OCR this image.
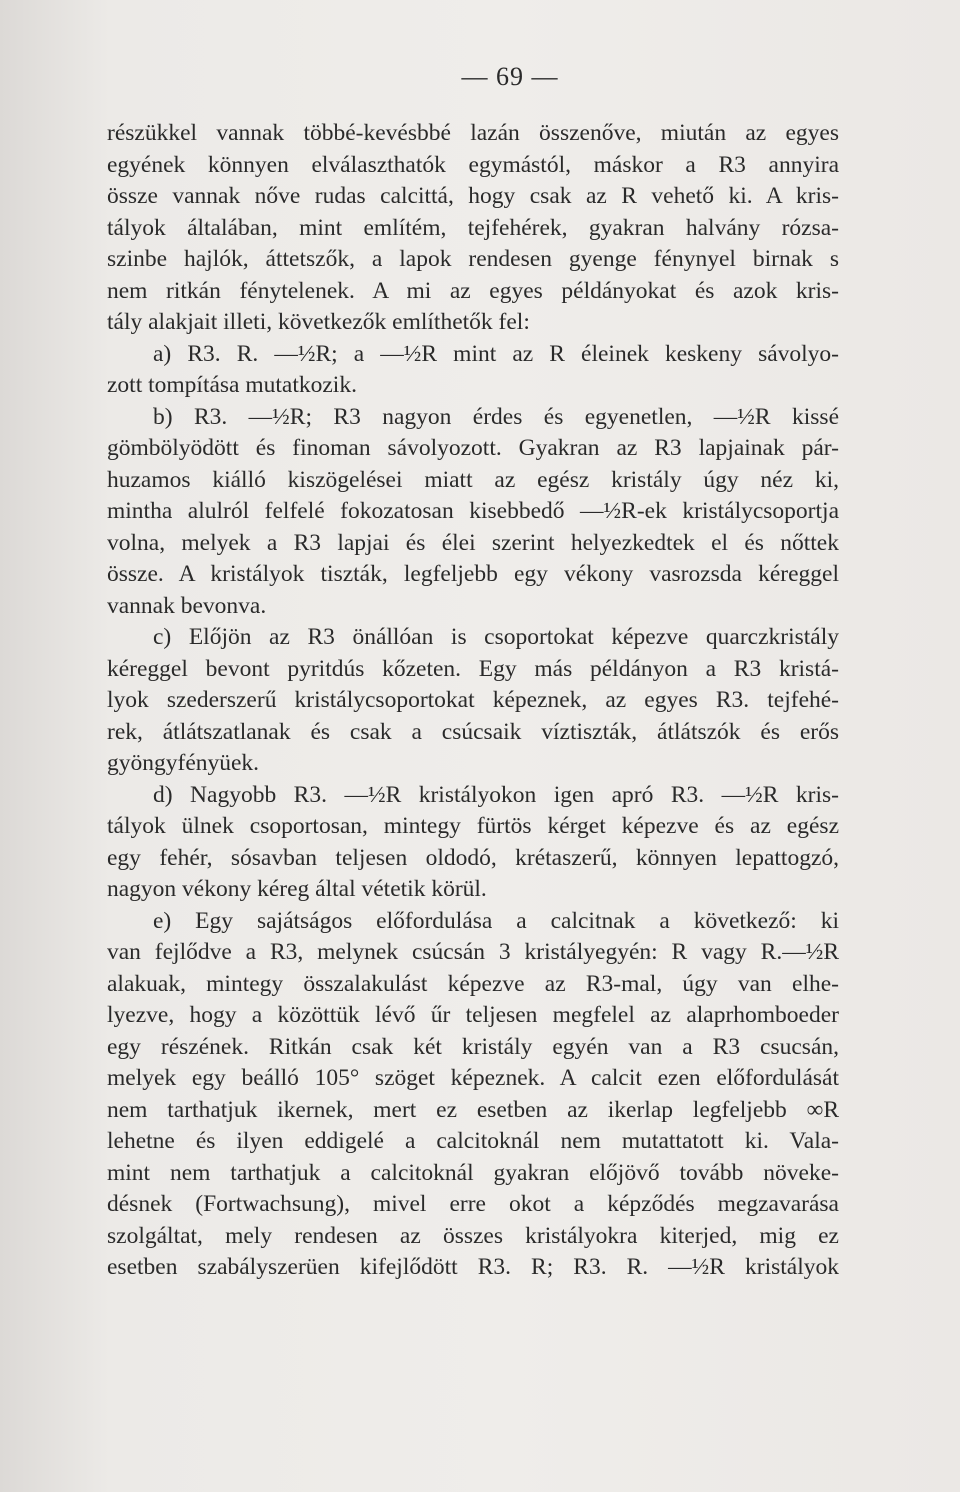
— 69 —
részükkel vannak többé-kevésbbé lazán összenőve, miután az egyes
egyének könnyen elválaszthatók egymástól, máskor a R3 annyira
össze vannak nőve rudas calcittá, hogy csak az R vehető ki. A kris-
tályok általában, mint említém, tejfehérek, gyakran halvány rózsa-
szinbe hajlók, áttetszők, a lapok rendesen gyenge fénynyel birnak s
nem ritkán fénytelenek. A mi az egyes példányokat és azok kris-
tály alakjait illeti, következők említhetők fel:
a) R3. R. —½R; a —½R mint az R éleinek keskeny sávolyo-
zott tompítása mutatkozik.
b) R3. —½R; R3 nagyon érdes és egyenetlen, —½R kissé
gömbölyödött és finoman sávolyozott. Gyakran az R3 lapjainak pár-
huzamos kiálló kiszögelései miatt az egész kristály úgy néz ki,
mintha alulról felfelé fokozatosan kisebbedő —½R-ek kristálycsoportja
volna, melyek a R3 lapjai és élei szerint helyezkedtek el és nőttek
össze. A kristályok tiszták, legfeljebb egy vékony vasrozsda kéreggel
vannak bevonva.
c) Előjön az R3 önállóan is csoportokat képezve quarczkristály
kéreggel bevont pyritdús kőzeten. Egy más példányon a R3 kristá-
lyok szederszerű kristálycsoportokat képeznek, az egyes R3. tejfehé-
rek, átlátszatlanak és csak a csúcsaik víztiszták, átlátszók és erős
gyöngyfényüek.
d) Nagyobb R3. —½R kristályokon igen apró R3. —½R kris-
tályok ülnek csoportosan, mintegy fürtös kérget képezve és az egész
egy fehér, sósavban teljesen oldodó, krétaszerű, könnyen lepattogzó,
nagyon vékony kéreg által vétetik körül.
e) Egy sajátságos előfordulása a calcitnak a következő: ki
van fejlődve a R3, melynek csúcsán 3 kristályegyén: R vagy R.—½R
alakuak, mintegy összalakulást képezve az R3-mal, úgy van elhe-
lyezve, hogy a közöttük lévő űr teljesen megfelel az alaprhomboeder
egy részének. Ritkán csak két kristály egyén van a R3 csucsán,
melyek egy beálló 105° szöget képeznek. A calcit ezen előfordulását
nem tarthatjuk ikernek, mert ez esetben az ikerlap legfeljebb ∞R
lehetne és ilyen eddigelé a calcitoknál nem mutattatott ki. Vala-
mint nem tarthatjuk a calcitoknál gyakran előjövő tovább növeke-
désnek (Fortwachsung), mivel erre okot a képződés megzavarása
szolgáltat, mely rendesen az összes kristályokra kiterjed, mig ez
esetben szabályszerüen kifejlődött R3. R; R3. R. —½R kristályok
